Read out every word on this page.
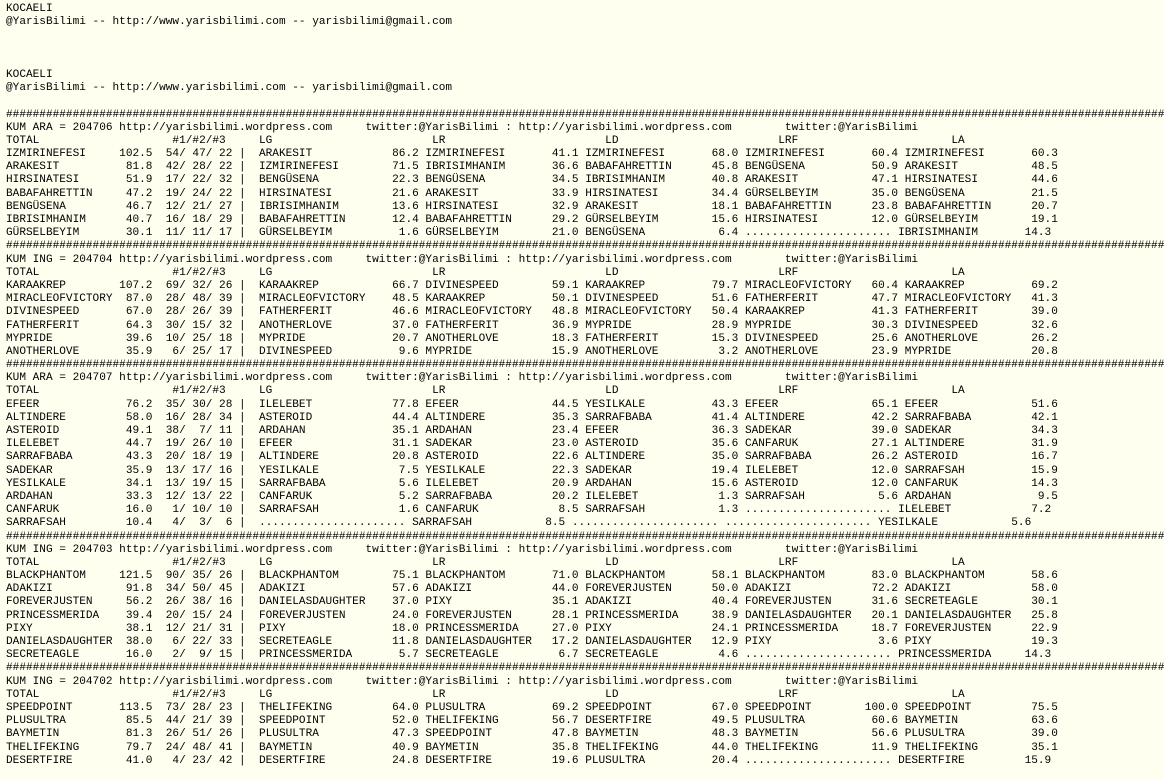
KOCAELI
@YarisBilimi -- http://www.yarisbilimi.com -- yarisbilimi@gmail.com
KOCAELI
@YarisBilimi -- http://www.yarisbilimi.com -- yarisbilimi@gmail.com
##############################################################################################################################################################################
KUM ARA = 204706 http://yarisbilimi.wordpress.com     twitter:@YarisBilimi : http://yarisbilimi.wordpress.com        twitter:@YarisBilimi
TOTAL                    #1/#2/#3     LG                        LR                        LD                        LRF                       LA
IZMIRINEFESI     102.5  54/ 47/ 22 |  ARAKESIT            86.2 IZMIRINEFESI       41.1 IZMIRINEFESI       68.0 IZMIRINEFESI       60.4 IZMIRINEFESI       60.3
ARAKESIT          81.8  42/ 28/ 22 |  IZMIRINEFESI        71.5 IBRISIMHANIM       36.6 BABAFAHRETTIN      45.8 BENGÜSENA          50.9 ARAKESIT           48.5
HIRSINATESI       51.9  17/ 22/ 32 |  BENGÜSENA           22.3 BENGÜSENA          34.5 IBRISIMHANIM       40.8 ARAKESIT           47.1 HIRSINATESI        44.6
BABAFAHRETTIN     47.2  19/ 24/ 22 |  HIRSINATESI         21.6 ARAKESIT           33.9 HIRSINATESI        34.4 GÜRSELBEYIM        35.0 BENGÜSENA          21.5
BENGÜSENA         46.7  12/ 21/ 27 |  IBRISIMHANIM        13.6 HIRSINATESI        32.9 ARAKESIT           18.1 BABAFAHRETTIN      23.8 BABAFAHRETTIN      20.7
IBRISIMHANIM      40.7  16/ 18/ 29 |  BABAFAHRETTIN       12.4 BABAFAHRETTIN      29.2 GÜRSELBEYIM        15.6 HIRSINATESI        12.0 GÜRSELBEYIM        19.1
GÜRSELBEYIM       30.1  11/ 11/ 17 |  GÜRSELBEYIM          1.6 GÜRSELBEYIM        21.0 BENGÜSENA           6.4 ...................... IBRISIMHANIM       14.3
##############################################################################################################################################################################
KUM ING = 204704 http://yarisbilimi.wordpress.com     twitter:@YarisBilimi : http://yarisbilimi.wordpress.com        twitter:@YarisBilimi
TOTAL                    #1/#2/#3     LG                        LR                        LD                        LRF                       LA
KARAAKREP        107.2  69/ 32/ 26 |  KARAAKREP           66.7 DIVINESPEED        59.1 KARAAKREP          79.7 MIRACLEOFVICTORY   60.4 KARAAKREP          69.2
MIRACLEOFVICTORY  87.0  28/ 48/ 39 |  MIRACLEOFVICTORY    48.5 KARAAKREP          50.1 DIVINESPEED        51.6 FATHERFERIT        47.7 MIRACLEOFVICTORY   41.3
DIVINESPEED       67.0  28/ 26/ 39 |  FATHERFERIT         46.6 MIRACLEOFVICTORY   48.8 MIRACLEOFVICTORY   50.4 KARAAKREP          41.3 FATHERFERIT        39.0
FATHERFERIT       64.3  30/ 15/ 32 |  ANOTHERLOVE         37.0 FATHERFERIT        36.9 MYPRIDE            28.9 MYPRIDE            30.3 DIVINESPEED        32.6
MYPRIDE           39.6  10/ 25/ 18 |  MYPRIDE             20.7 ANOTHERLOVE        18.3 FATHERFERIT        15.3 DIVINESPEED        25.6 ANOTHERLOVE        26.2
ANOTHERLOVE       35.9   6/ 25/ 17 |  DIVINESPEED          9.6 MYPRIDE            15.9 ANOTHERLOVE         3.2 ANOTHERLOVE        23.9 MYPRIDE            20.8
##############################################################################################################################################################################
KUM ARA = 204707 http://yarisbilimi.wordpress.com     twitter:@YarisBilimi : http://yarisbilimi.wordpress.com        twitter:@YarisBilimi
TOTAL                    #1/#2/#3     LG                        LR                        LD                        LRF                       LA
EFEER             76.2  35/ 30/ 28 |  ILELEBET            77.8 EFEER              44.5 YESILKALE          43.3 EFEER              65.1 EFEER              51.6
ALTINDERE         58.0  16/ 28/ 34 |  ASTEROID            44.4 ALTINDERE          35.3 SARRAFBABA         41.4 ALTINDERE          42.2 SARRAFBABA         42.1
ASTEROID          49.1  38/  7/ 11 |  ARDAHAN             35.1 ARDAHAN            23.4 EFEER              36.3 SADEKAR            39.0 SADEKAR            34.3
ILELEBET          44.7  19/ 26/ 10 |  EFEER               31.1 SADEKAR            23.0 ASTEROID           35.6 CANFARUK           27.1 ALTINDERE          31.9
SARRAFBABA        43.3  20/ 18/ 19 |  ALTINDERE           20.8 ASTEROID           22.6 ALTINDERE          35.0 SARRAFBABA         26.2 ASTEROID           16.7
SADEKAR           35.9  13/ 17/ 16 |  YESILKALE            7.5 YESILKALE          22.3 SADEKAR            19.4 ILELEBET           12.0 SARRAFSAH          15.9
YESILKALE         34.1  13/ 19/ 15 |  SARRAFBABA           5.6 ILELEBET           20.9 ARDAHAN            15.6 ASTEROID           12.0 CANFARUK           14.3
ARDAHAN           33.3  12/ 13/ 22 |  CANFARUK             5.2 SARRAFBABA         20.2 ILELEBET            1.3 SARRAFSAH           5.6 ARDAHAN             9.5
CANFARUK          16.0   1/ 10/ 10 |  SARRAFSAH            1.6 CANFARUK            8.5 SARRAFSAH           1.3 ...................... ILELEBET            7.2
SARRAFSAH         10.4   4/  3/  6 |  ...................... SARRAFSAH           8.5 ...................... ...................... YESILKALE           5.6
##############################################################################################################################################################################
KUM ING = 204703 http://yarisbilimi.wordpress.com     twitter:@YarisBilimi : http://yarisbilimi.wordpress.com        twitter:@YarisBilimi
TOTAL                    #1/#2/#3     LG                        LR                        LD                        LRF                       LA
BLACKPHANTOM     121.5  90/ 35/ 26 |  BLACKPHANTOM        75.1 BLACKPHANTOM       71.0 BLACKPHANTOM       58.1 BLACKPHANTOM       83.0 BLACKPHANTOM       58.6
ADAKIZI           91.8  34/ 50/ 45 |  ADAKIZI             57.6 ADAKIZI            44.0 FOREVERJUSTEN      50.0 ADAKIZI            72.2 ADAKIZI            58.0
FOREVERJUSTEN     56.2  26/ 38/ 16 |  DANIELASDAUGHTER    37.0 PIXY               35.1 ADAKIZI            40.4 FOREVERJUSTEN      31.6 SECRETEAGLE        30.1
PRINCESSMERIDA    39.4  20/ 15/ 24 |  FOREVERJUSTEN       24.0 FOREVERJUSTEN      28.1 PRINCESSMERIDA     38.9 DANIELASDAUGHTER   20.1 DANIELASDAUGHTER   25.8
PIXY              38.1  12/ 21/ 31 |  PIXY                18.0 PRINCESSMERIDA     27.0 PIXY               24.1 PRINCESSMERIDA     18.7 FOREVERJUSTEN      22.9
DANIELASDAUGHTER  38.0   6/ 22/ 33 |  SECRETEAGLE         11.8 DANIELASDAUGHTER   17.2 DANIELASDAUGHTER   12.9 PIXY                3.6 PIXY               19.3
SECRETEAGLE       16.0   2/  9/ 15 |  PRINCESSMERIDA       5.7 SECRETEAGLE         6.7 SECRETEAGLE         4.6 ...................... PRINCESSMERIDA     14.3
##############################################################################################################################################################################
KUM ING = 204702 http://yarisbilimi.wordpress.com     twitter:@YarisBilimi : http://yarisbilimi.wordpress.com        twitter:@YarisBilimi
TOTAL                    #1/#2/#3     LG                        LR                        LD                        LRF                       LA
SPEEDPOINT       113.5  73/ 28/ 23 |  THELIFEKING         64.0 PLUSULTRA          69.2 SPEEDPOINT         67.0 SPEEDPOINT        100.0 SPEEDPOINT         75.5
PLUSULTRA         85.5  44/ 21/ 39 |  SPEEDPOINT          52.0 THELIFEKING        56.7 DESERTFIRE         49.5 PLUSULTRA          60.6 BAYMETIN           63.6
BAYMETIN          81.3  26/ 51/ 26 |  PLUSULTRA           47.3 SPEEDPOINT         47.8 BAYMETIN           48.3 BAYMETIN           56.6 PLUSULTRA          39.0
THELIFEKING       79.7  24/ 48/ 41 |  BAYMETIN            40.9 BAYMETIN           35.8 THELIFEKING        44.0 THELIFEKING        11.9 THELIFEKING        35.1
DESERTFIRE        41.0   4/ 23/ 42 |  DESERTFIRE          24.8 DESERTFIRE         19.6 PLUSULTRA          20.4 ...................... DESERTFIRE         15.9
